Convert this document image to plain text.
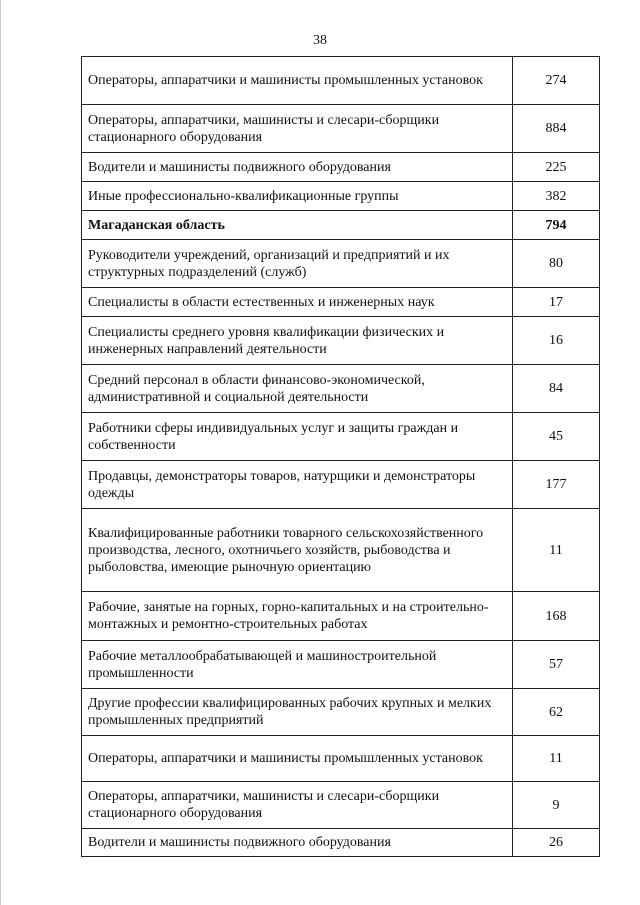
38
Операторы, аппаратчики и машинисты промышленных установок	274
Операторы, аппаратчики, машинисты и слесари-сборщики стационарного оборудования	884
Водители и машинисты подвижного оборудования	225
Иные профессионально-квалификационные группы	382
Магаданская область	794
Руководители учреждений, организаций и предприятий и их структурных подразделений (служб)	80
Специалисты в области естественных и инженерных наук	17
Специалисты среднего уровня квалификации физических и инженерных направлений деятельности	16
Средний персонал в области финансово-экономической, административной и социальной деятельности	84
Работники сферы индивидуальных услуг и защиты граждан и собственности	45
Продавцы, демонстраторы товаров, натурщики и демонстраторы одежды	177
Квалифицированные работники товарного сельскохозяйственного производства, лесного, охотничьего хозяйств, рыбоводства и рыболовства, имеющие рыночную ориентацию	11
Рабочие, занятые на горных, горно-капитальных и на строительно-монтажных и ремонтно-строительных работах	168
Рабочие металлообрабатывающей и машиностроительной промышленности	57
Другие профессии квалифицированных рабочих крупных и мелких промышленных предприятий	62
Операторы, аппаратчики и машинисты промышленных установок	11
Операторы, аппаратчики, машинисты и слесари-сборщики стационарного оборудования	9
Водители и машинисты подвижного оборудования	26
